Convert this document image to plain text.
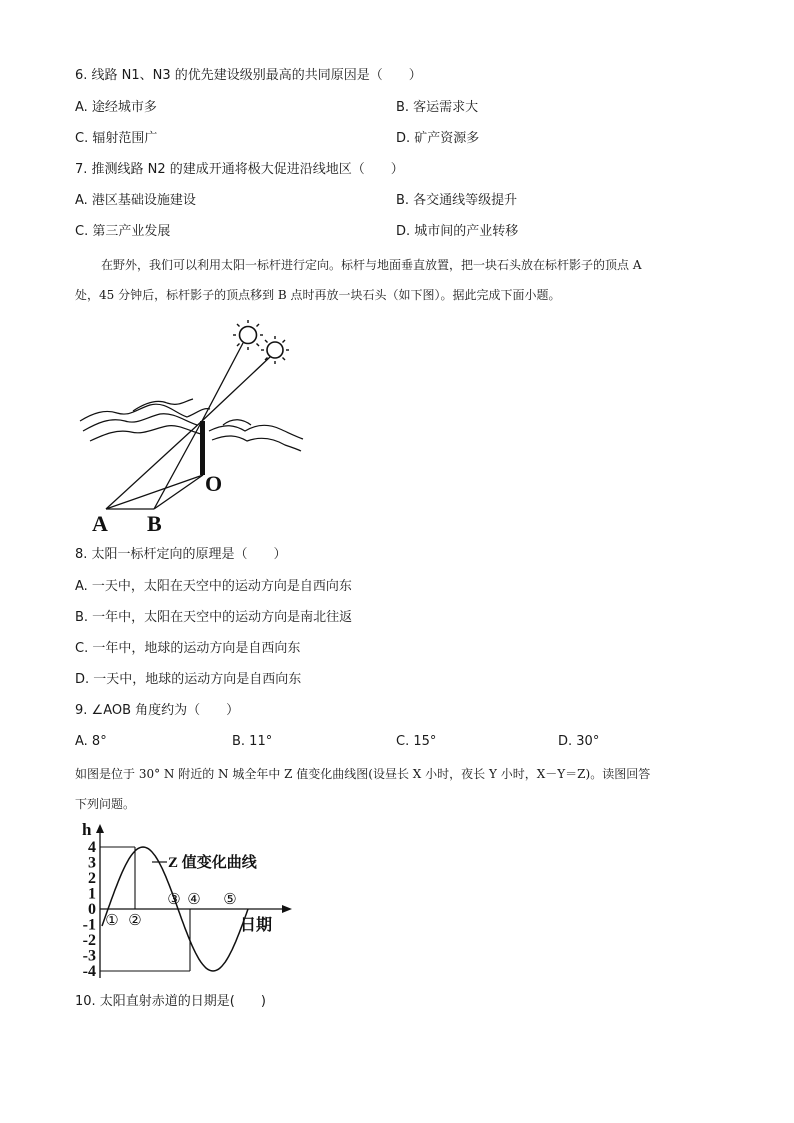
6. 线路 N1、N3 的优先建设级别最高的共同原因是（　　）
A. 途经城市多	B. 客运需求大
C. 辐射范围广	D. 矿产资源多
7. 推测线路 N2 的建成开通将极大促进沿线地区（　　）
A. 港区基础设施建设	B. 各交通线等级提升
C. 第三产业发展	D. 城市间的产业转移
在野外，我们可以利用太阳一标杆进行定向。标杆与地面垂直放置，把一块石头放在标杆影子的顶点 A
处，45 分钟后，标杆影子的顶点移到 B 点时再放一块石头（如下图）。据此完成下面小题。
O
A B
8. 太阳一标杆定向的原理是（　　）
A. 一天中，太阳在天空中的运动方向是自西向东
B. 一年中，太阳在天空中的运动方向是南北往返
C. 一年中，地球的运动方向是自西向东
D. 一天中，地球的运动方向是自西向东
9. ∠AOB 角度约为（　　）
A. 8°	B. 11°	C. 15°	D. 30°
如图是位于 30° N 附近的 N 城全年中 Z 值变化曲线图(设昼长 X 小时，夜长 Y 小时，X－Y＝Z)。读图回答
下列问题。
h
日期
Z 值变化曲线
4
3
2
1
0
-1
-2
-3
-4
① ②
③ ④ ⑤
10. 太阳直射赤道的日期是(　　)
